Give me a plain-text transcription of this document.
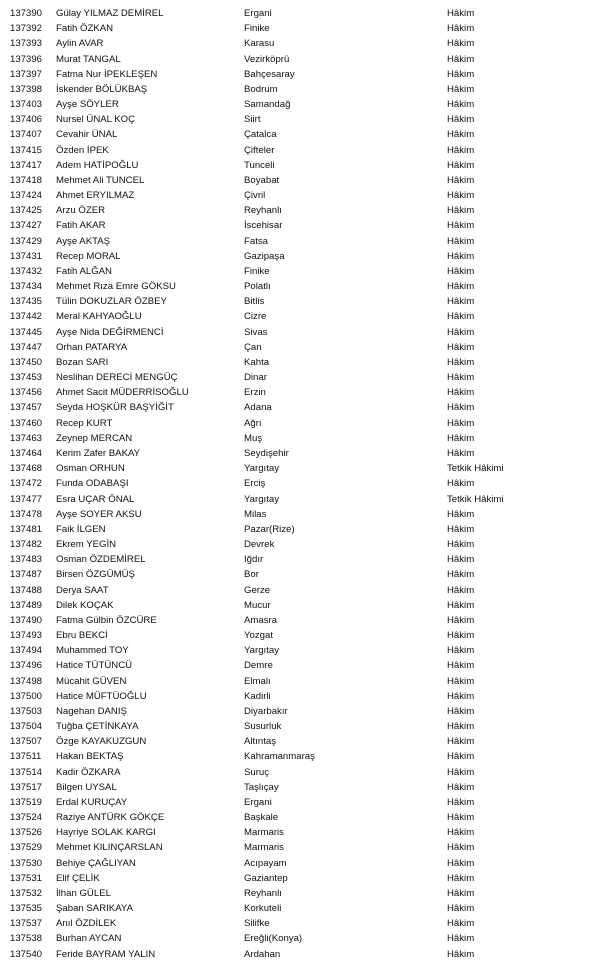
137390 Gülay YILMAZ DEMİREL	Ergani	Hâkim
137392 Fatih ÖZKAN	Finike	Hâkim
137393 Aylin AVAR	Karasu	Hâkim
137396 Murat TANGAL	Vezirköprü	Hâkim
137397 Fatma Nur İPEKLEŞEN	Bahçesaray	Hâkim
137398 İskender BÖLÜKBAŞ	Bodrum	Hâkim
137403 Ayşe SÖYLER	Samandağ	Hâkim
137406 Nursel ÜNAL KOÇ	Siirt	Hâkim
137407 Cevahir ÜNAL	Çatalca	Hâkim
137415 Özden İPEK	Çifteler	Hâkim
137417 Adem HATİPOĞLU	Tunceli	Hâkim
137418 Mehmet Ali TUNCEL	Boyabat	Hâkim
137424 Ahmet ERYILMAZ	Çivril	Hâkim
137425 Arzu ÖZER	Reyhanlı	Hâkim
137427 Fatih AKAR	İscehisar	Hâkim
137429 Ayşe AKTAŞ	Fatsa	Hâkim
137431 Recep MORAL	Gazipaşa	Hâkim
137432 Fatih ALĞAN	Finike	Hâkim
137434 Mehmet Rıza Emre GÖKSU	Polatlı	Hâkim
137435 Tülin DOKUZLAR ÖZBEY	Bitlis	Hâkim
137442 Meral KAHYAOĞLU	Cizre	Hâkim
137445 Ayşe Nida DEĞİRMENCİ	Sivas	Hâkim
137447 Orhan PATARYA	Çan	Hâkim
137450 Bozan SARI	Kahta	Hâkim
137453 Neslihan DERECİ MENGÜÇ	Dinar	Hâkim
137456 Ahmet Sacit MÜDERRİSOĞLU	Erzin	Hâkim
137457 Seyda HOŞKÜR BAŞYİĞİT	Adana	Hâkim
137460 Recep KURT	Ağrı	Hâkim
137463 Zeynep MERCAN	Muş	Hâkim
137464 Kerim Zafer BAKAY	Seydişehir	Hâkim
137468 Osman ORHUN	Yargıtay	Tetkik Hâkimi
137472 Funda ODABAŞI	Erciş	Hâkim
137477 Esra UÇAR ÖNAL	Yargıtay	Tetkik Hâkimi
137478 Ayşe SOYER AKSU	Milas	Hâkim
137481 Faik İLGEN	Pazar(Rize)	Hâkim
137482 Ekrem YEGİN	Devrek	Hâkim
137483 Osman ÖZDEMİREL	Iğdır	Hâkim
137487 Birsen ÖZGÜMÜŞ	Bor	Hâkim
137488 Derya SAAT	Gerze	Hâkim
137489 Dilek KOÇAK	Mucur	Hâkim
137490 Fatma Gülbin ÖZCÜRE	Amasra	Hâkim
137493 Ebru BEKCİ	Yozgat	Hâkim
137494 Muhammed TOY	Yargıtay	Hâkim
137496 Hatice TÜTÜNCÜ	Demre	Hâkim
137498 Mücahit GÜVEN	Elmalı	Hâkim
137500 Hatice MÜFTÜOĞLU	Kadirli	Hâkim
137503 Nagehan DANIŞ	Diyarbakır	Hâkim
137504 Tuğba ÇETİNKAYA	Susurluk	Hâkim
137507 Özge KAYAKUZGUN	Altıntaş	Hâkim
137511 Hakan BEKTAŞ	Kahramanmaraş	Hâkim
137514 Kadir ÖZKARA	Suruç	Hâkim
137517 Bilgen UYSAL	Taşlıçay	Hâkim
137519 Erdal KURUÇAY	Ergani	Hâkim
137524 Raziye ANTÜRK GÖKÇE	Başkale	Hâkim
137526 Hayriye SOLAK KARGI	Marmaris	Hâkim
137529 Mehmet KILINÇARSLAN	Marmaris	Hâkim
137530 Behiye ÇAĞLIYAN	Acıpayam	Hâkim
137531 Elif ÇELİK	Gaziantep	Hâkim
137532 İlhan GÜLEL	Reyhanlı	Hâkim
137535 Şaban SARIKAYA	Korkuteli	Hâkim
137537 Anıl ÖZDİLEK	Silifke	Hâkim
137538 Burhan AYCAN	Ereğli(Konya)	Hâkim
137540 Feride BAYRAM YALIN	Ardahan	Hâkim
